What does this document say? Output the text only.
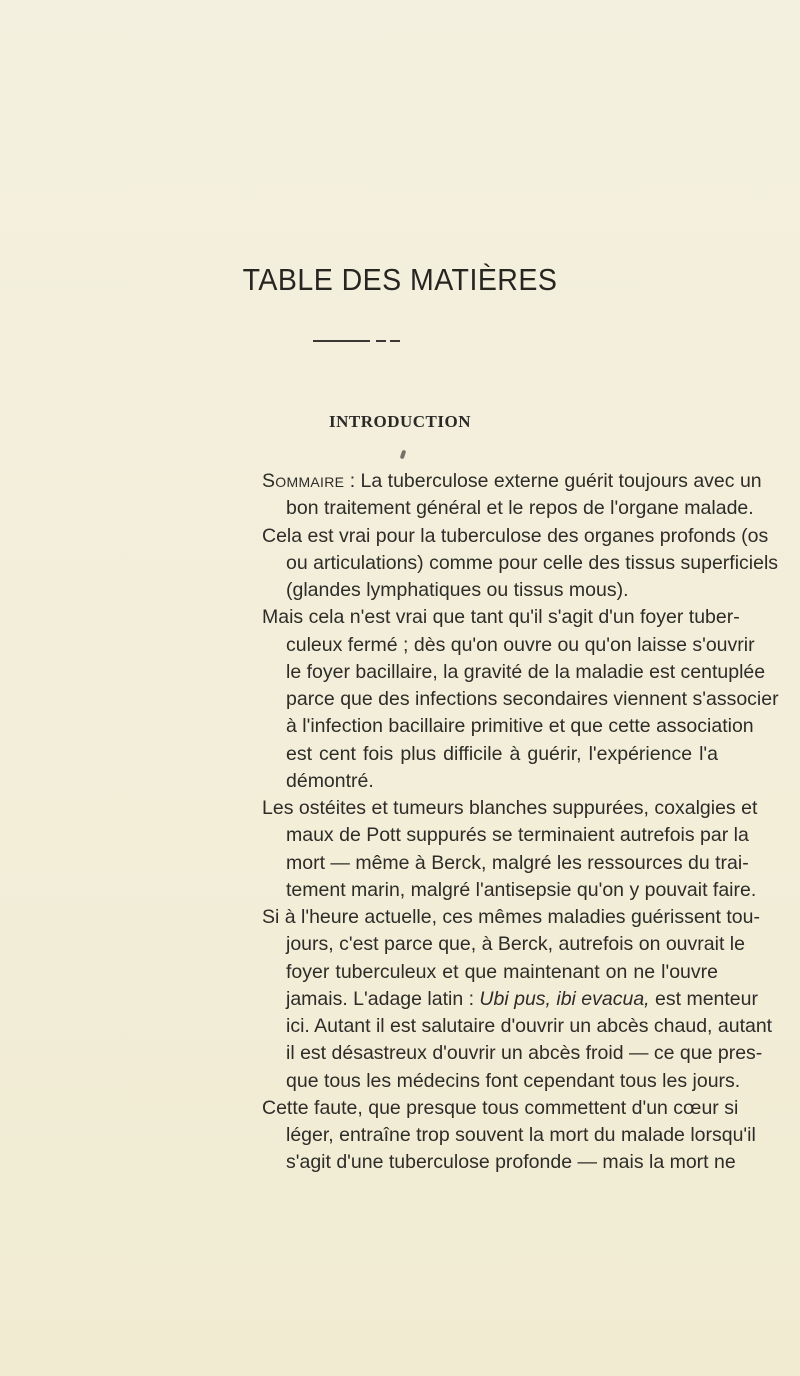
TABLE DES MATIÈRES
INTRODUCTION
Sommaire : La tuberculose externe guérit toujours avec un
bon traitement général et le repos de l'organe malade.
Cela est vrai pour la tuberculose des organes profonds (os
ou articulations) comme pour celle des tissus superficiels
(glandes lymphatiques ou tissus mous).
Mais cela n'est vrai que tant qu'il s'agit d'un foyer tuber-
culeux fermé ; dès qu'on ouvre ou qu'on laisse s'ouvrir
le foyer bacillaire, la gravité de la maladie est centuplée
parce que des infections secondaires viennent s'associer
à l'infection bacillaire primitive et que cette association
est cent fois plus difficile à guérir, l'expérience l'a
démontré.
Les ostéites et tumeurs blanches suppurées, coxalgies et
maux de Pott suppurés se terminaient autrefois par la
mort — même à Berck, malgré les ressources du trai-
tement marin, malgré l'antisepsie qu'on y pouvait faire.
Si à l'heure actuelle, ces mêmes maladies guérissent tou-
jours, c'est parce que, à Berck, autrefois on ouvrait le
foyer tuberculeux et que maintenant on ne l'ouvre
jamais. L'adage latin : Ubi pus, ibi evacua, est menteur
ici. Autant il est salutaire d'ouvrir un abcès chaud, autant
il est désastreux d'ouvrir un abcès froid — ce que pres-
que tous les médecins font cependant tous les jours.
Cette faute, que presque tous commettent d'un cœur si
léger, entraîne trop souvent la mort du malade lorsqu'il
s'agit d'une tuberculose profonde — mais la mort ne
